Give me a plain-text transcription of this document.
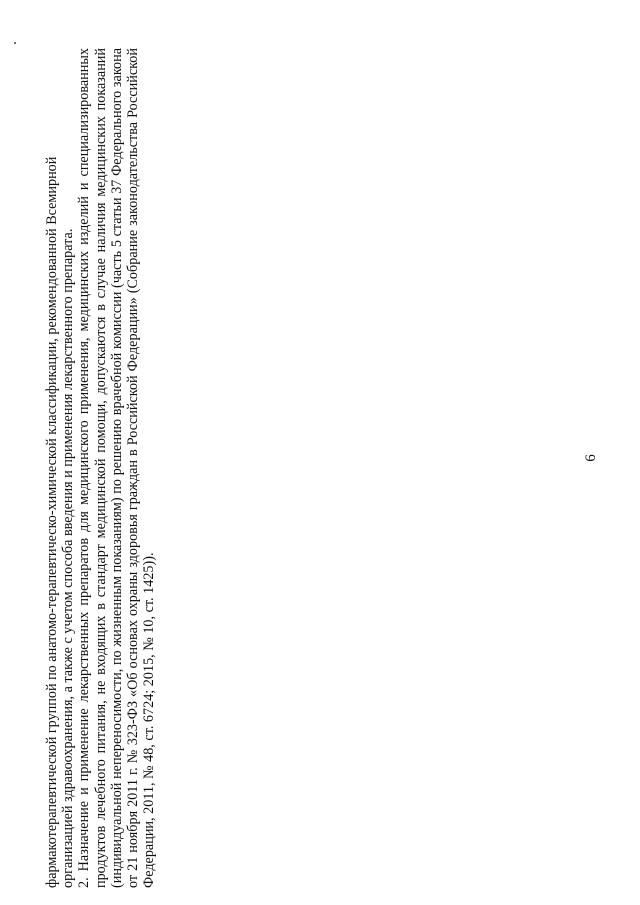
фармакотерапевтической группой по анатомо-терапевтическо-химической классификации, рекомендованной Всемирной организацией здравоохранения, а также с учетом способа введения и применения лекарственного препарата. 2. Назначение и применение лекарственных препаратов для медицинского применения, медицинских изделий и специализированных продуктов лечебного питания, не входящих в стандарт медицинской помощи, допускаются в случае наличия медицинских показаний (индивидуальной непереносимости, по жизненным показаниям) по решению врачебной комиссии (часть 5 статьи 37 Федерального закона от 21 ноября 2011 г. № 323-ФЗ «Об основах охраны здоровья граждан в Российской Федерации» (Собрание законодательства Российской Федерации, 2011, № 48, ст. 6724; 2015, № 10, ст. 1425)).

6
